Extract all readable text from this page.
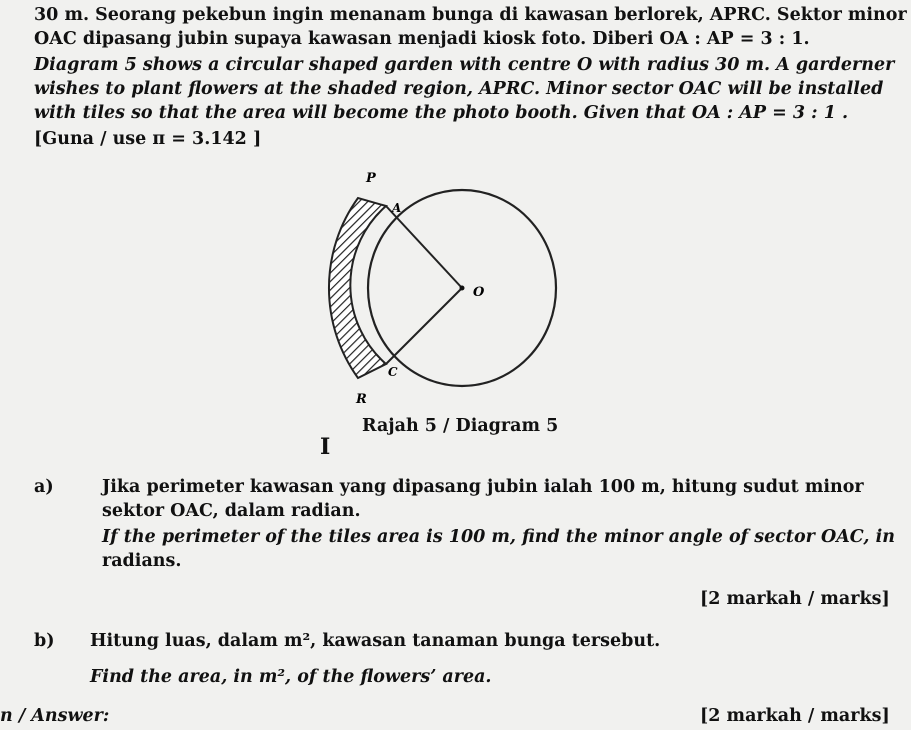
30 m. Seorang pekebun ingin menanam bunga di kawasan berlorek, APRC. Sektor minor
OAC dipasang jubin supaya kawasan menjadi kiosk foto. Diberi OA : AP = 3 : 1.
Diagram 5 shows a circular shaped garden with centre O with radius 30 m. A garderner
wishes to plant flowers at the shaded region, APRC. Minor sector OAC will be installed
with tiles so that the area will become the photo booth. Given that OA : AP = 3 : 1 .
[Guna / use π = 3.142 ]
P
A
O
C
R
Rajah 5 / Diagram 5
I
a)	Jika perimeter kawasan yang dipasang jubin ialah 100 m, hitung sudut minor
sektor OAC, dalam radian.
If the perimeter of the tiles area is 100 m, find the minor angle of sector OAC, in
radians.
[2 markah / marks]
b) Hitung luas, dalam m², kawasan tanaman bunga tersebut.
Find the area, in m², of the flowers’ area.
n / Answer:	[2 markah / marks]
